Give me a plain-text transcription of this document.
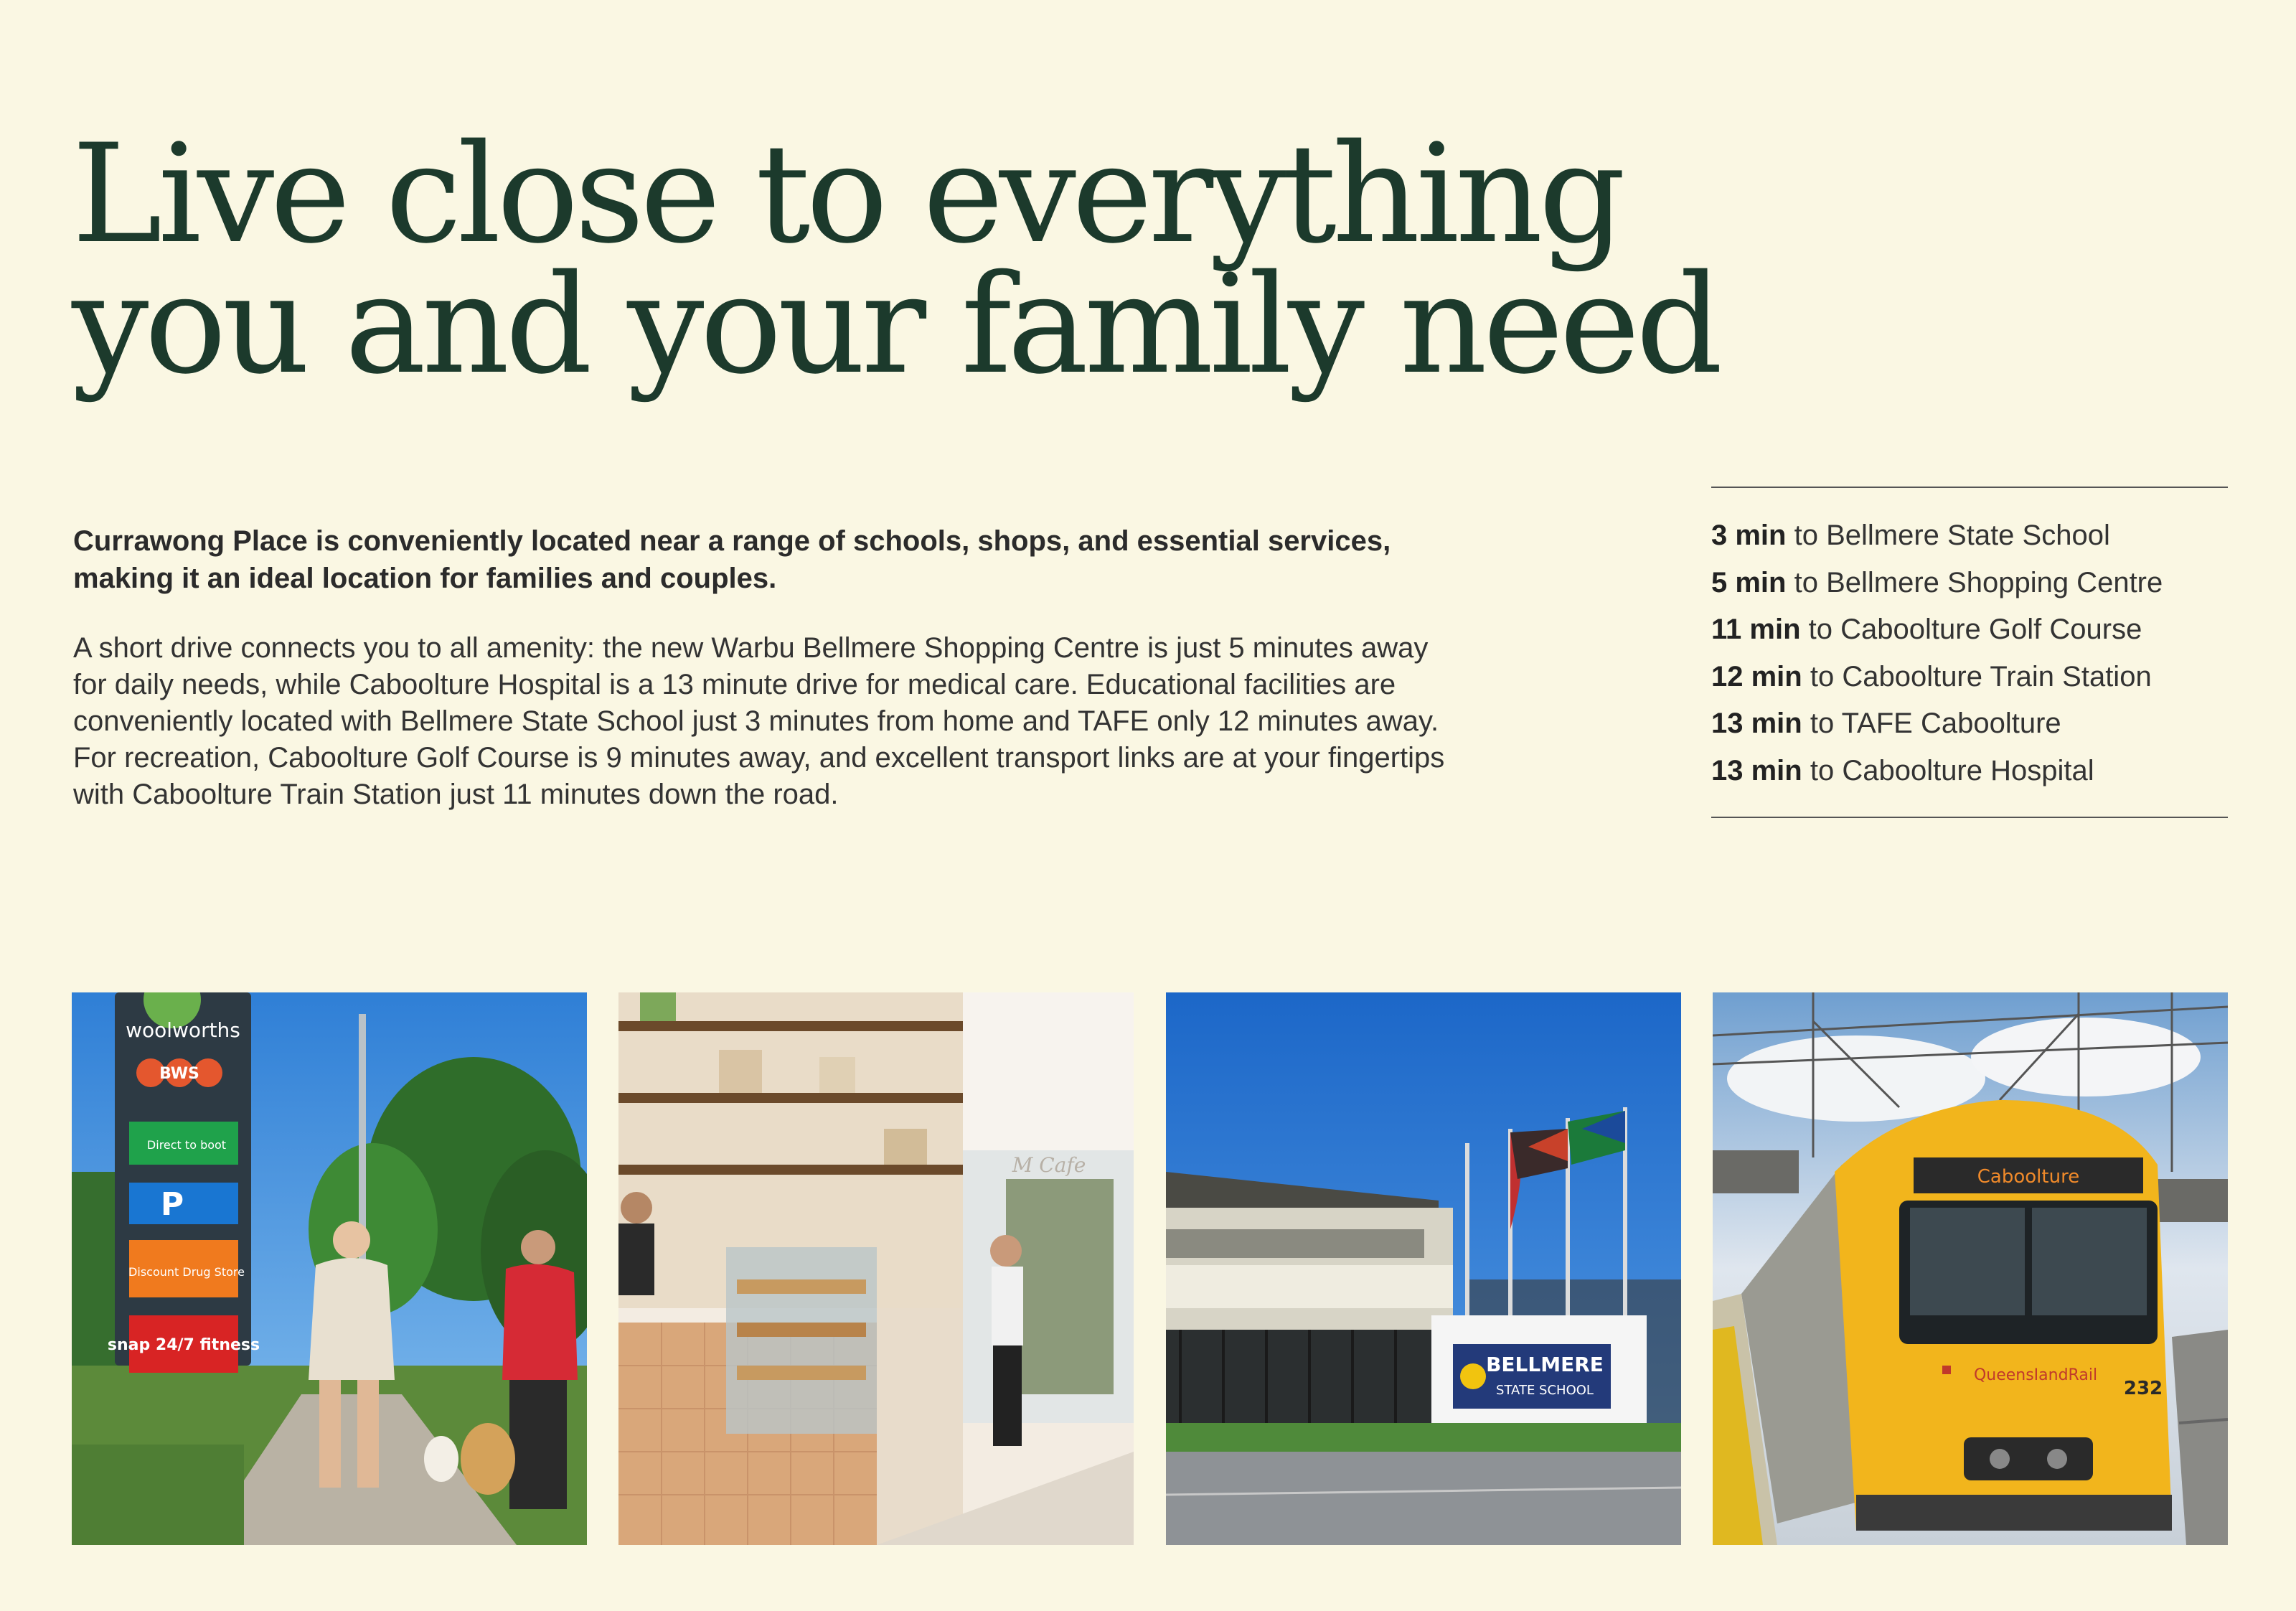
Live close to everything
you and your family need

Currawong Place is conveniently located near a range of schools, shops, and essential services, making it an ideal location for families and couples.

A short drive connects you to all amenity: the new Warbu Bellmere Shopping Centre is just 5 minutes away for daily needs, while Caboolture Hospital is a 13 minute drive for medical care. Educational facilities are conveniently located with Bellmere State School just 3 minutes from home and TAFE only 12 minutes away. For recreation, Caboolture Golf Course is 9 minutes away, and excellent transport links are at your fingertips with Caboolture Train Station just 11 minutes down the road.

3 min to Bellmere State School
5 min to Bellmere Shopping Centre
11 min to Caboolture Golf Course
12 min to Caboolture Train Station
13 min to TAFE Caboolture
13 min to Caboolture Hospital
woolworths
BWS
Direct to boot
P
Discount Drug Store
snap 24/7 fitness
M Cafe
BELLMERE
STATE SCHOOL
Caboolture
QueensIandRail
232
